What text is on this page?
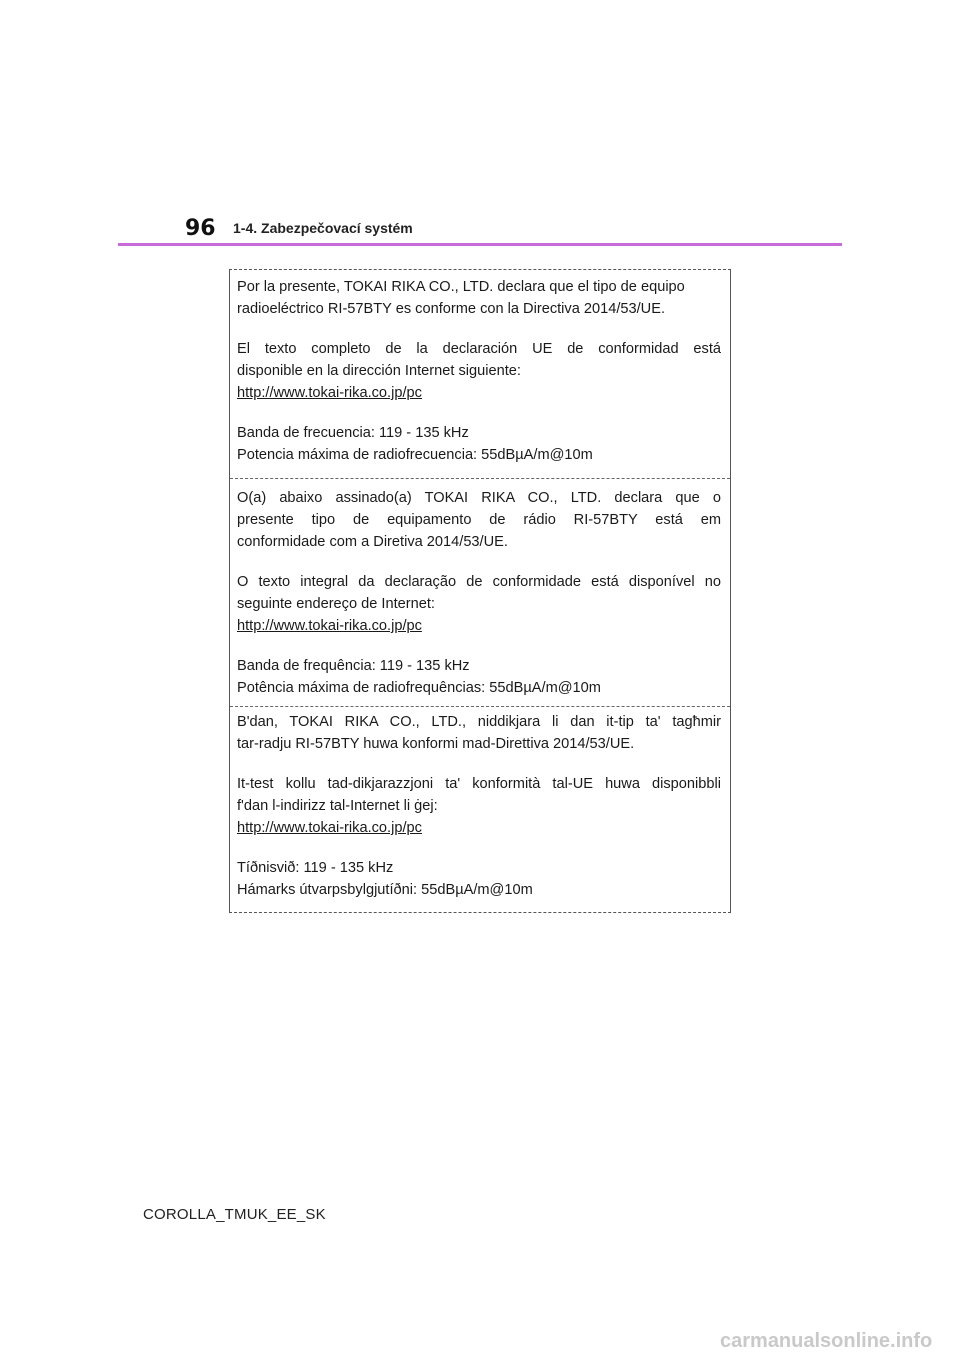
96 1-4. Zabezpečovací systém
Por la presente, TOKAI RIKA CO., LTD. declara que el tipo de equipo
radioeléctrico RI-57BTY es conforme con la Directiva 2014/53/UE.
El texto completo de la declaración UE de conformidad está
disponible en la dirección Internet siguiente:
http://www.tokai-rika.co.jp/pc
Banda de frecuencia: 119 - 135 kHz
Potencia máxima de radiofrecuencia: 55dBµA/m@10m
O(a) abaixo assinado(a) TOKAI RIKA CO., LTD. declara que o
presente tipo de equipamento de rádio RI-57BTY está em
conformidade com a Diretiva 2014/53/UE.
O texto integral da declaração de conformidade está disponível no
seguinte endereço de Internet:
http://www.tokai-rika.co.jp/pc
Banda de frequência: 119 - 135 kHz
Potência máxima de radiofrequências: 55dBµA/m@10m
B'dan, TOKAI RIKA CO., LTD., niddikjara li dan it-tip ta' tagħmir
tar-radju RI-57BTY huwa konformi mad-Direttiva 2014/53/UE.
It-test kollu tad-dikjarazzjoni ta' konformità tal-UE huwa disponibbli
f'dan l-indirizz tal-Internet li ġej:
http://www.tokai-rika.co.jp/pc
Tíðnisvið: 119 - 135 kHz
Hámarks útvarpsbylgjutíðni: 55dBµA/m@10m
COROLLA_TMUK_EE_SK
carmanualsonline.info
